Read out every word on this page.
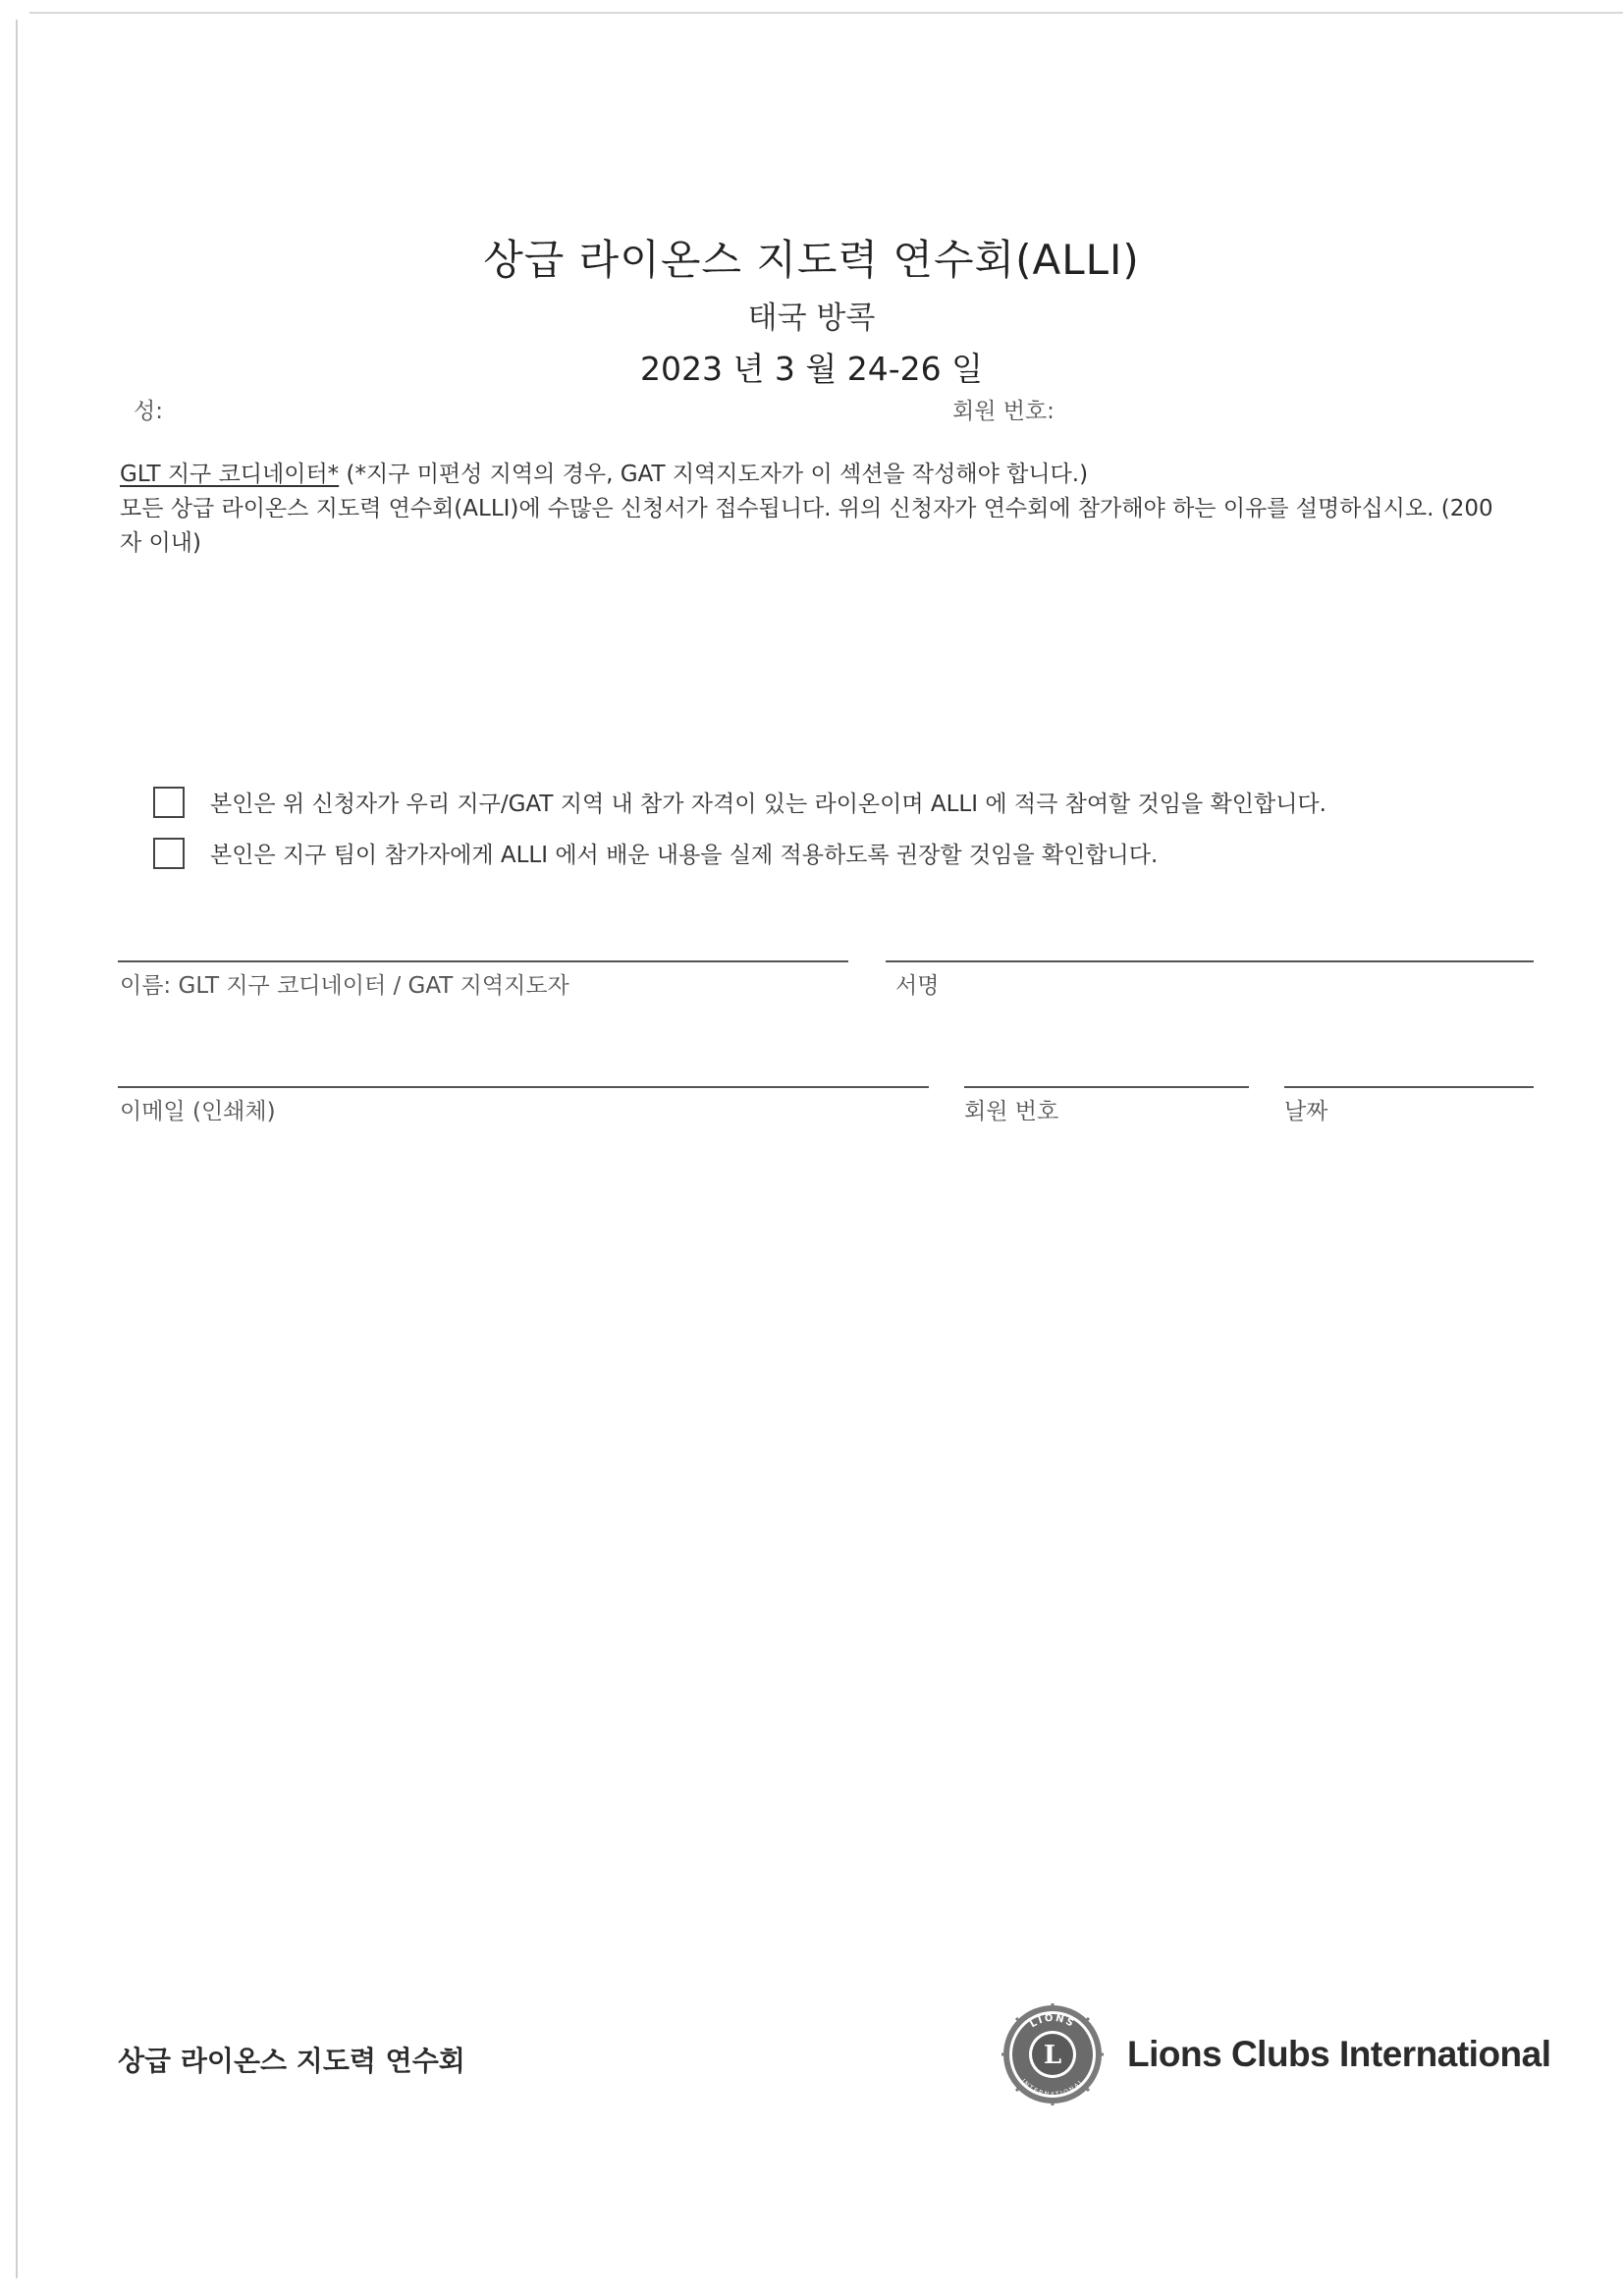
상급 라이온스 지도력 연수회(ALLI)
태국 방콕
2023 년 3 월 24-26 일
성:	회원 번호:
GLT 지구 코디네이터* (*지구 미편성 지역의 경우, GAT 지역지도자가 이 섹션을 작성해야 합니다.)
모든 상급 라이온스 지도력 연수회(ALLI)에 수많은 신청서가 접수됩니다. 위의 신청자가 연수회에 참가해야 하는 이유를 설명하십시오. (200 자 이내)
본인은 위 신청자가 우리 지구/GAT 지역 내 참가 자격이 있는 라이온이며 ALLI 에 적극 참여할 것임을 확인합니다.
본인은 지구 팀이 참가자에게 ALLI 에서 배운 내용을 실제 적용하도록 권장할 것임을 확인합니다.
이름: GLT 지구 코디네이터 / GAT 지역지도자	서명
이메일 (인쇄체)	회원 번호	날짜
상급 라이온스 지도력 연수회
LIONS
INTERNATIONAL
L Lions Clubs International
